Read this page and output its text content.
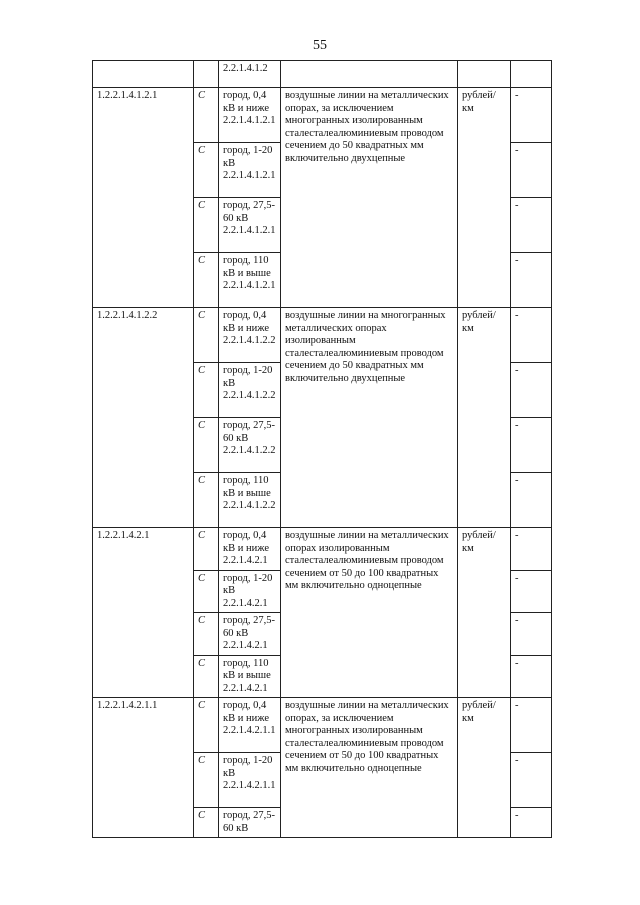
55
		2.2.1.4.1.2			
1.2.2.1.4.1.2.1	С	город, 0,4 кВ и ниже 2.2.1.4.1.2.1	воздушные линии на металлических опорах, за исключением многогранных изолированным сталесталеалюминиевым проводом сечением до 50 квадратных мм включительно двухцепные	рублей/км	-
	С	город, 1-20 кВ 2.2.1.4.1.2.1			-
	С	город, 27,5-60 кВ 2.2.1.4.1.2.1			-
	С	город, 110 кВ и выше 2.2.1.4.1.2.1			-
1.2.2.1.4.1.2.2	С	город, 0,4 кВ и ниже 2.2.1.4.1.2.2	воздушные линии на многогранных металлических опорах изолированным сталесталеалюминиевым проводом сечением до 50 квадратных мм включительно двухцепные	рублей/км	-
	С	город, 1-20 кВ 2.2.1.4.1.2.2			-
	С	город, 27,5-60 кВ 2.2.1.4.1.2.2			-
	С	город, 110 кВ и выше 2.2.1.4.1.2.2			-
1.2.2.1.4.2.1	С	город, 0,4 кВ и ниже 2.2.1.4.2.1	воздушные линии на металлических опорах изолированным сталесталеалюминиевым проводом сечением от 50 до 100 квадратных мм включительно одноцепные	рублей/км	-
	С	город, 1-20 кВ 2.2.1.4.2.1			-
	С	город, 27,5-60 кВ 2.2.1.4.2.1			-
	С	город, 110 кВ и выше 2.2.1.4.2.1			-
1.2.2.1.4.2.1.1	С	город, 0,4 кВ и ниже 2.2.1.4.2.1.1	воздушные линии на металлических опорах, за исключением многогранных изолированным сталесталеалюминиевым проводом сечением от 50 до 100 квадратных мм включительно одноцепные	рублей/км	-
	С	город, 1-20 кВ 2.2.1.4.2.1.1			-
	С	город, 27,5-60 кВ			-
